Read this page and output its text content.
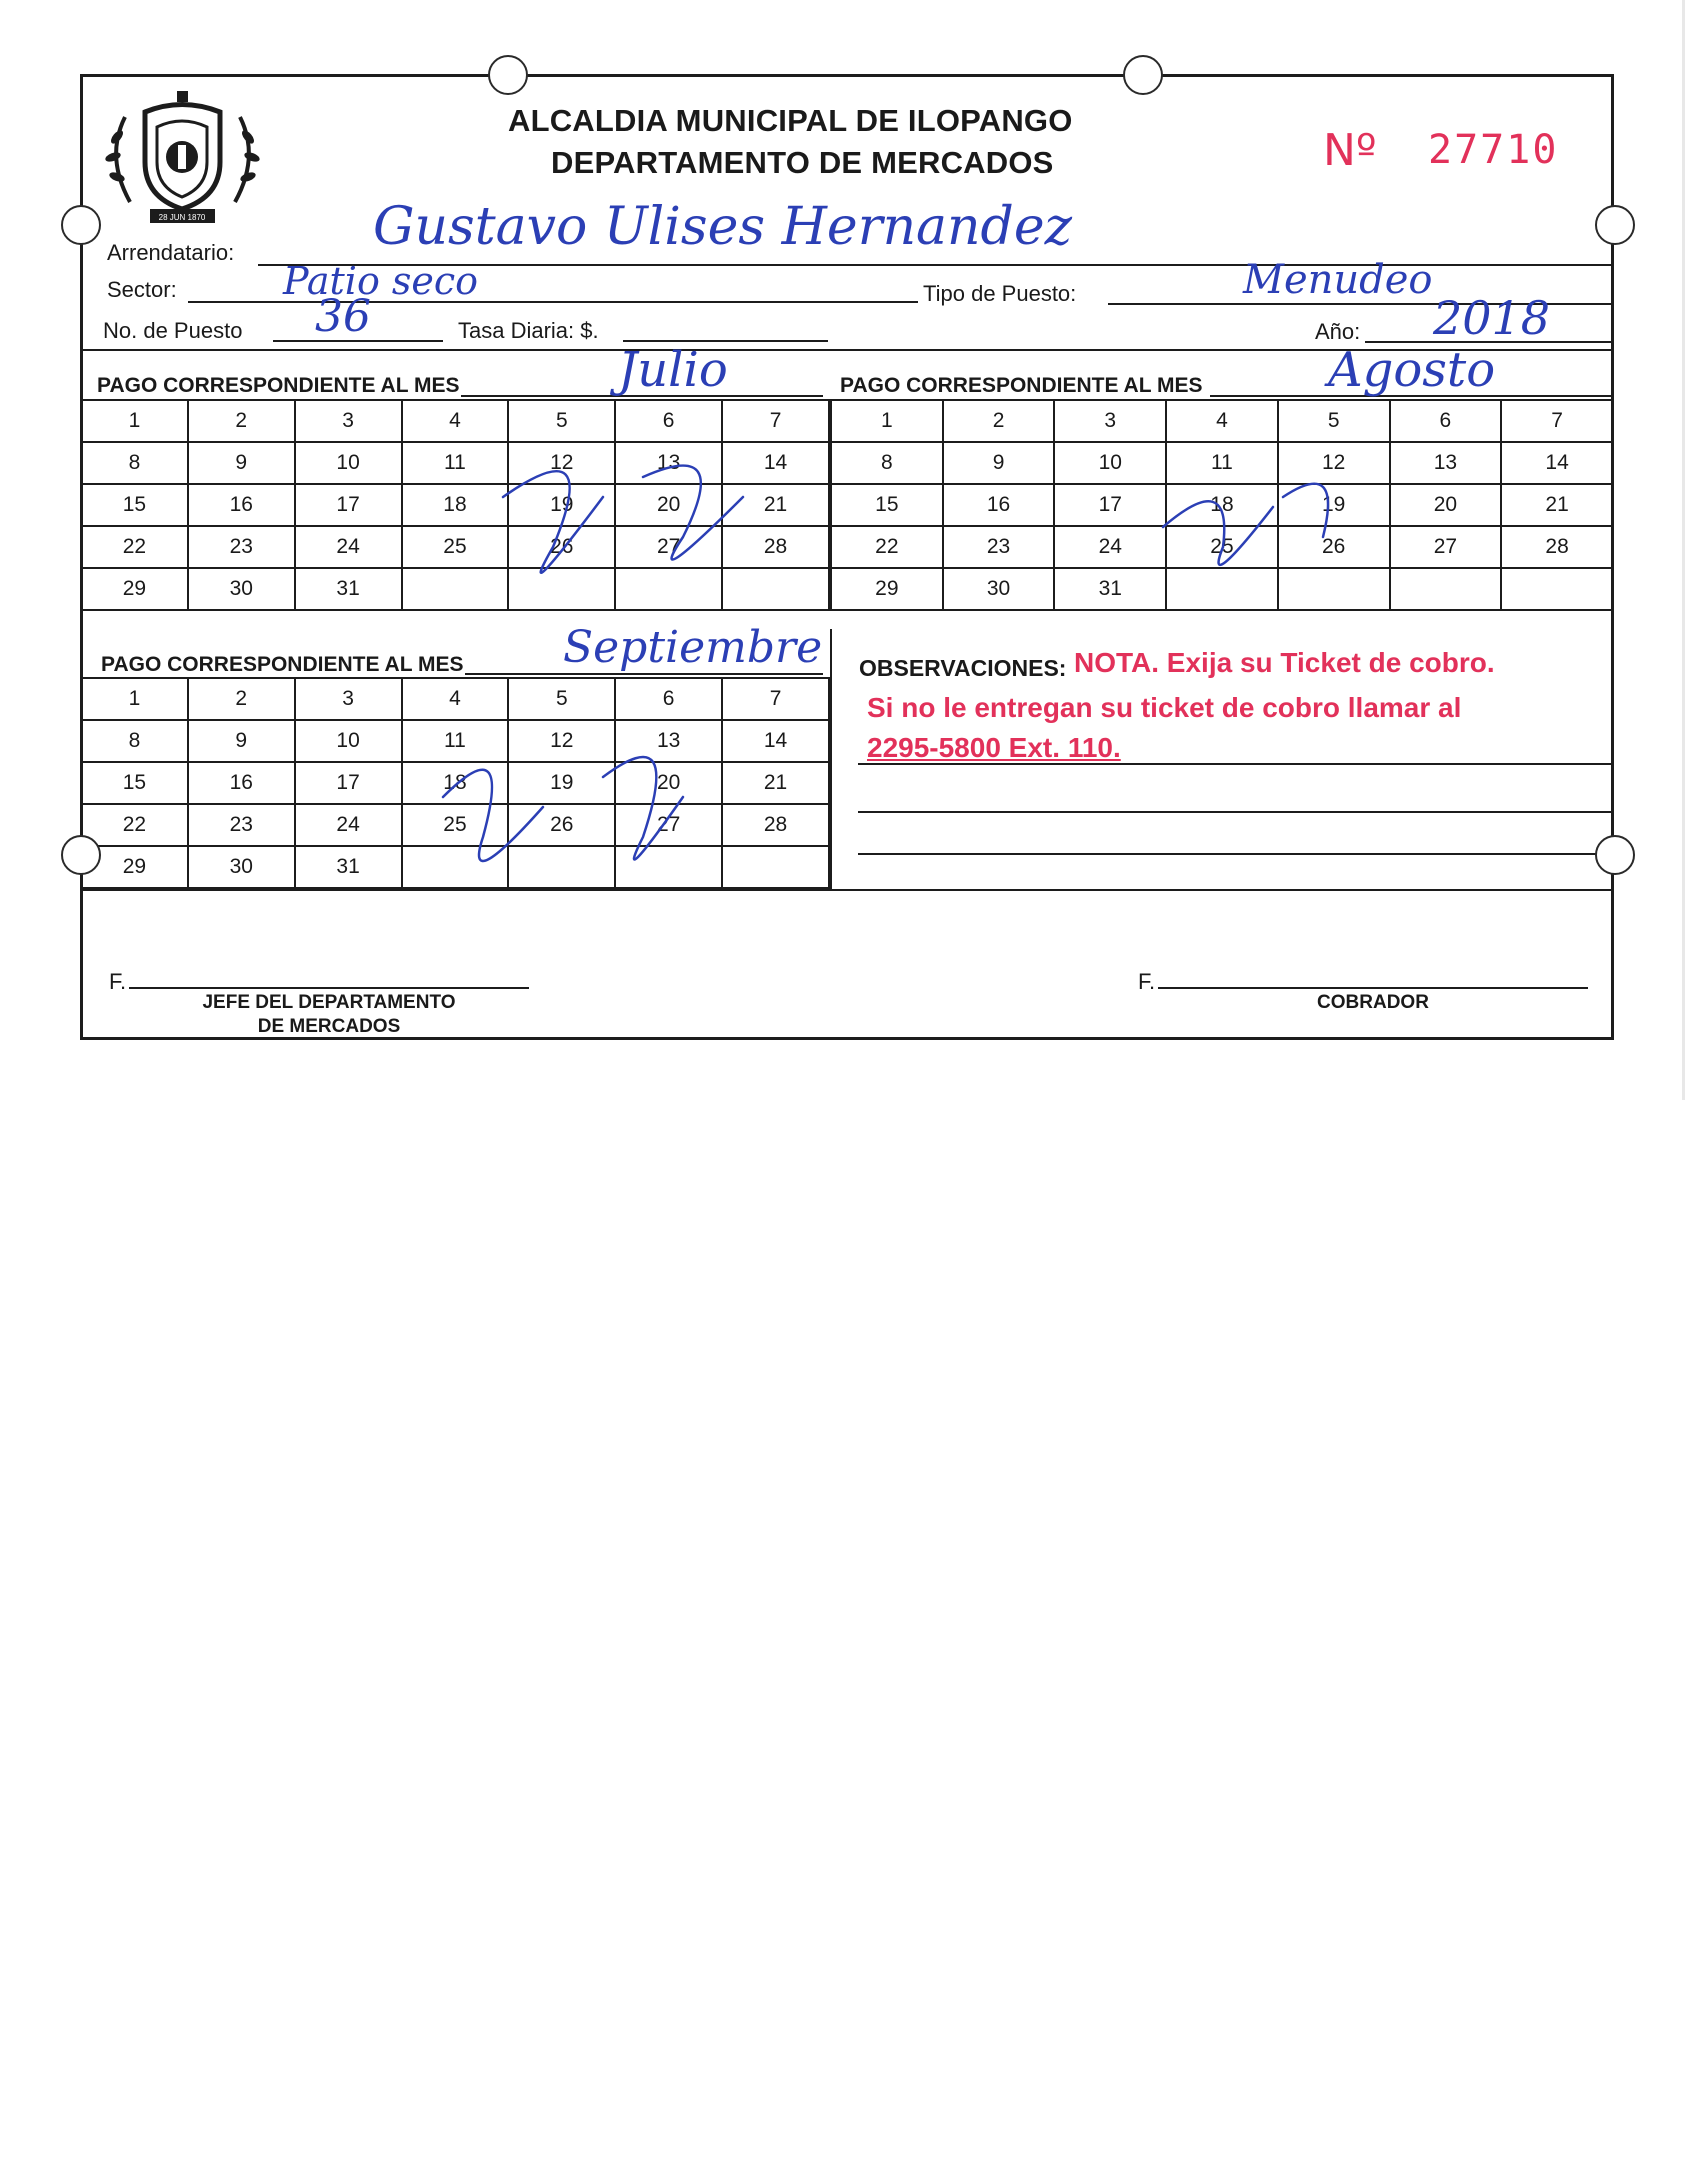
28 JUN 1870
ALCALDIA MUNICIPAL DE ILOPANGO
DEPARTAMENTO DE MERCADOS	Nº 27710
Arrendatario:	Gustavo Ulises Hernandez
Sector:	Patio seco	Tipo de Puesto:	Menudeo
No. de Puesto 36	Tasa Diaria: $.	Año: 2018
PAGO CORRESPONDIENTE AL MES	Julio
1	2	3	4	5	6	7
8	9	10	11	12	13	14
15	16	17	18	19	20	21
22	23	24	25	26	27	28
29	30	31				
PAGO CORRESPONDIENTE AL MES	Agosto
1	2	3	4	5	6	7
8	9	10	11	12	13	14
15	16	17	18	19	20	21
22	23	24	25	26	27	28
29	30	31				
PAGO CORRESPONDIENTE AL MES Septiembre
1	2	3	4	5	6	7
8	9	10	11	12	13	14
15	16	17	18	19	20	21
22	23	24	25	26	27	28
29	30	31				
OBSERVACIONES: NOTA. Exija su Ticket de cobro.
Si no le entregan su ticket de cobro llamar al
2295-5800 Ext. 110.
F.
JEFE DEL DEPARTAMENTO
DE MERCADOS
F.
COBRADOR
